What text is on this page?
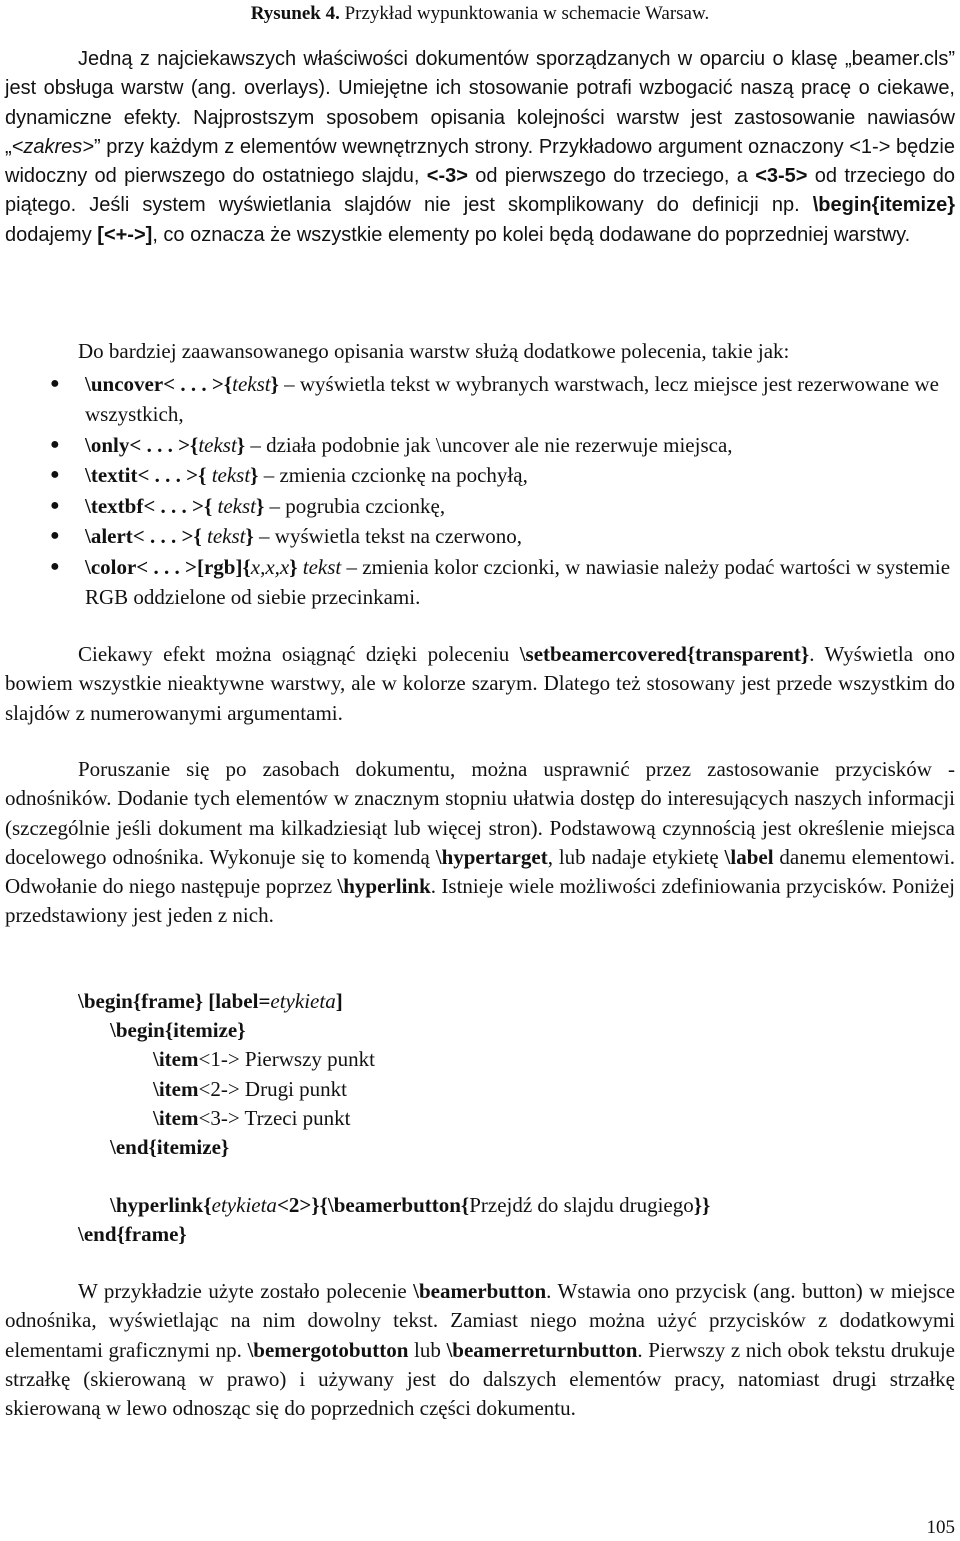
Rysunek 4. Przykład wypunktowania w schemacie Warsaw.

Jedną z najciekawszych właściwości dokumentów sporządzanych w oparciu o klasę „beamer.cls” jest obsługa warstw (ang. overlays). Umiejętne ich stosowanie potrafi wzbogacić naszą pracę o ciekawe, dynamiczne efekty. Najprostszym sposobem opisania kolejności warstw jest zastosowanie nawiasów „<zakres>” przy każdym z elementów wewnętrznych strony. Przykładowo argument oznaczony <1-> będzie widoczny od pierwszego do ostatniego slajdu, <-3> od pierwszego do trzeciego, a <3-5> od trzeciego do piątego. Jeśli system wyświetlania slajdów nie jest skomplikowany do definicji np. \begin{itemize} dodajemy [<+->], co oznacza że wszystkie elementy po kolei będą dodawane do poprzedniej warstwy.

Do bardziej zaawansowanego opisania warstw służą dodatkowe polecenia, takie jak:

● \uncover< . . . >{tekst} – wyświetla tekst w wybranych warstwach, lecz miejsce jest rezerwowane we wszystkich,
● \only< . . . >{tekst} – działa podobnie jak \uncover ale nie rezerwuje miejsca,
● \textit< . . . >{ tekst} – zmienia czcionkę na pochyłą,
● \textbf< . . . >{ tekst} – pogrubia czcionkę,
● \alert< . . . >{ tekst} – wyświetla tekst na czerwono,
● \color< . . . >[rgb]{x,x,x} tekst – zmienia kolor czcionki, w nawiasie należy podać wartości w systemie RGB oddzielone od siebie przecinkami.

Ciekawy efekt można osiągnąć dzięki poleceniu \setbeamercovered{transparent}. Wyświetla ono bowiem wszystkie nieaktywne warstwy, ale w kolorze szarym. Dlatego też stosowany jest przede wszystkim do slajdów z numerowanymi argumentami.

Poruszanie się po zasobach dokumentu, można usprawnić przez zastosowanie przycisków - odnośników. Dodanie tych elementów w znacznym stopniu ułatwia dostęp do interesujących naszych informacji (szczególnie jeśli dokument ma kilkadziesiąt lub więcej stron). Podstawową czynnością jest określenie miejsca docelowego odnośnika. Wykonuje się to komendą \hypertarget, lub nadaje etykietę \label danemu elementowi. Odwołanie do niego następuje poprzez \hyperlink. Istnieje wiele możliwości zdefiniowania przycisków. Poniżej przedstawiony jest jeden z nich.

\begin{frame} [label=etykieta]
\begin{itemize}
\item<1-> Pierwszy punkt
\item<2-> Drugi punkt
\item<3-> Trzeci punkt
\end{itemize}
\hyperlink{etykieta<2>}{\beamerbutton{Przejdź do slajdu drugiego}}
\end{frame}

W przykładzie użyte zostało polecenie \beamerbutton. Wstawia ono przycisk (ang. button) w miejsce odnośnika, wyświetlając na nim dowolny tekst. Zamiast niego można użyć przycisków z dodatkowymi elementami graficznymi np. \bemergotobutton lub \beamerreturnbutton. Pierwszy z nich obok tekstu drukuje strzałkę (skierowaną w prawo) i używany jest do dalszych elementów pracy, natomiast drugi strzałkę skierowaną w lewo odnosząc się do poprzednich części dokumentu.

105
